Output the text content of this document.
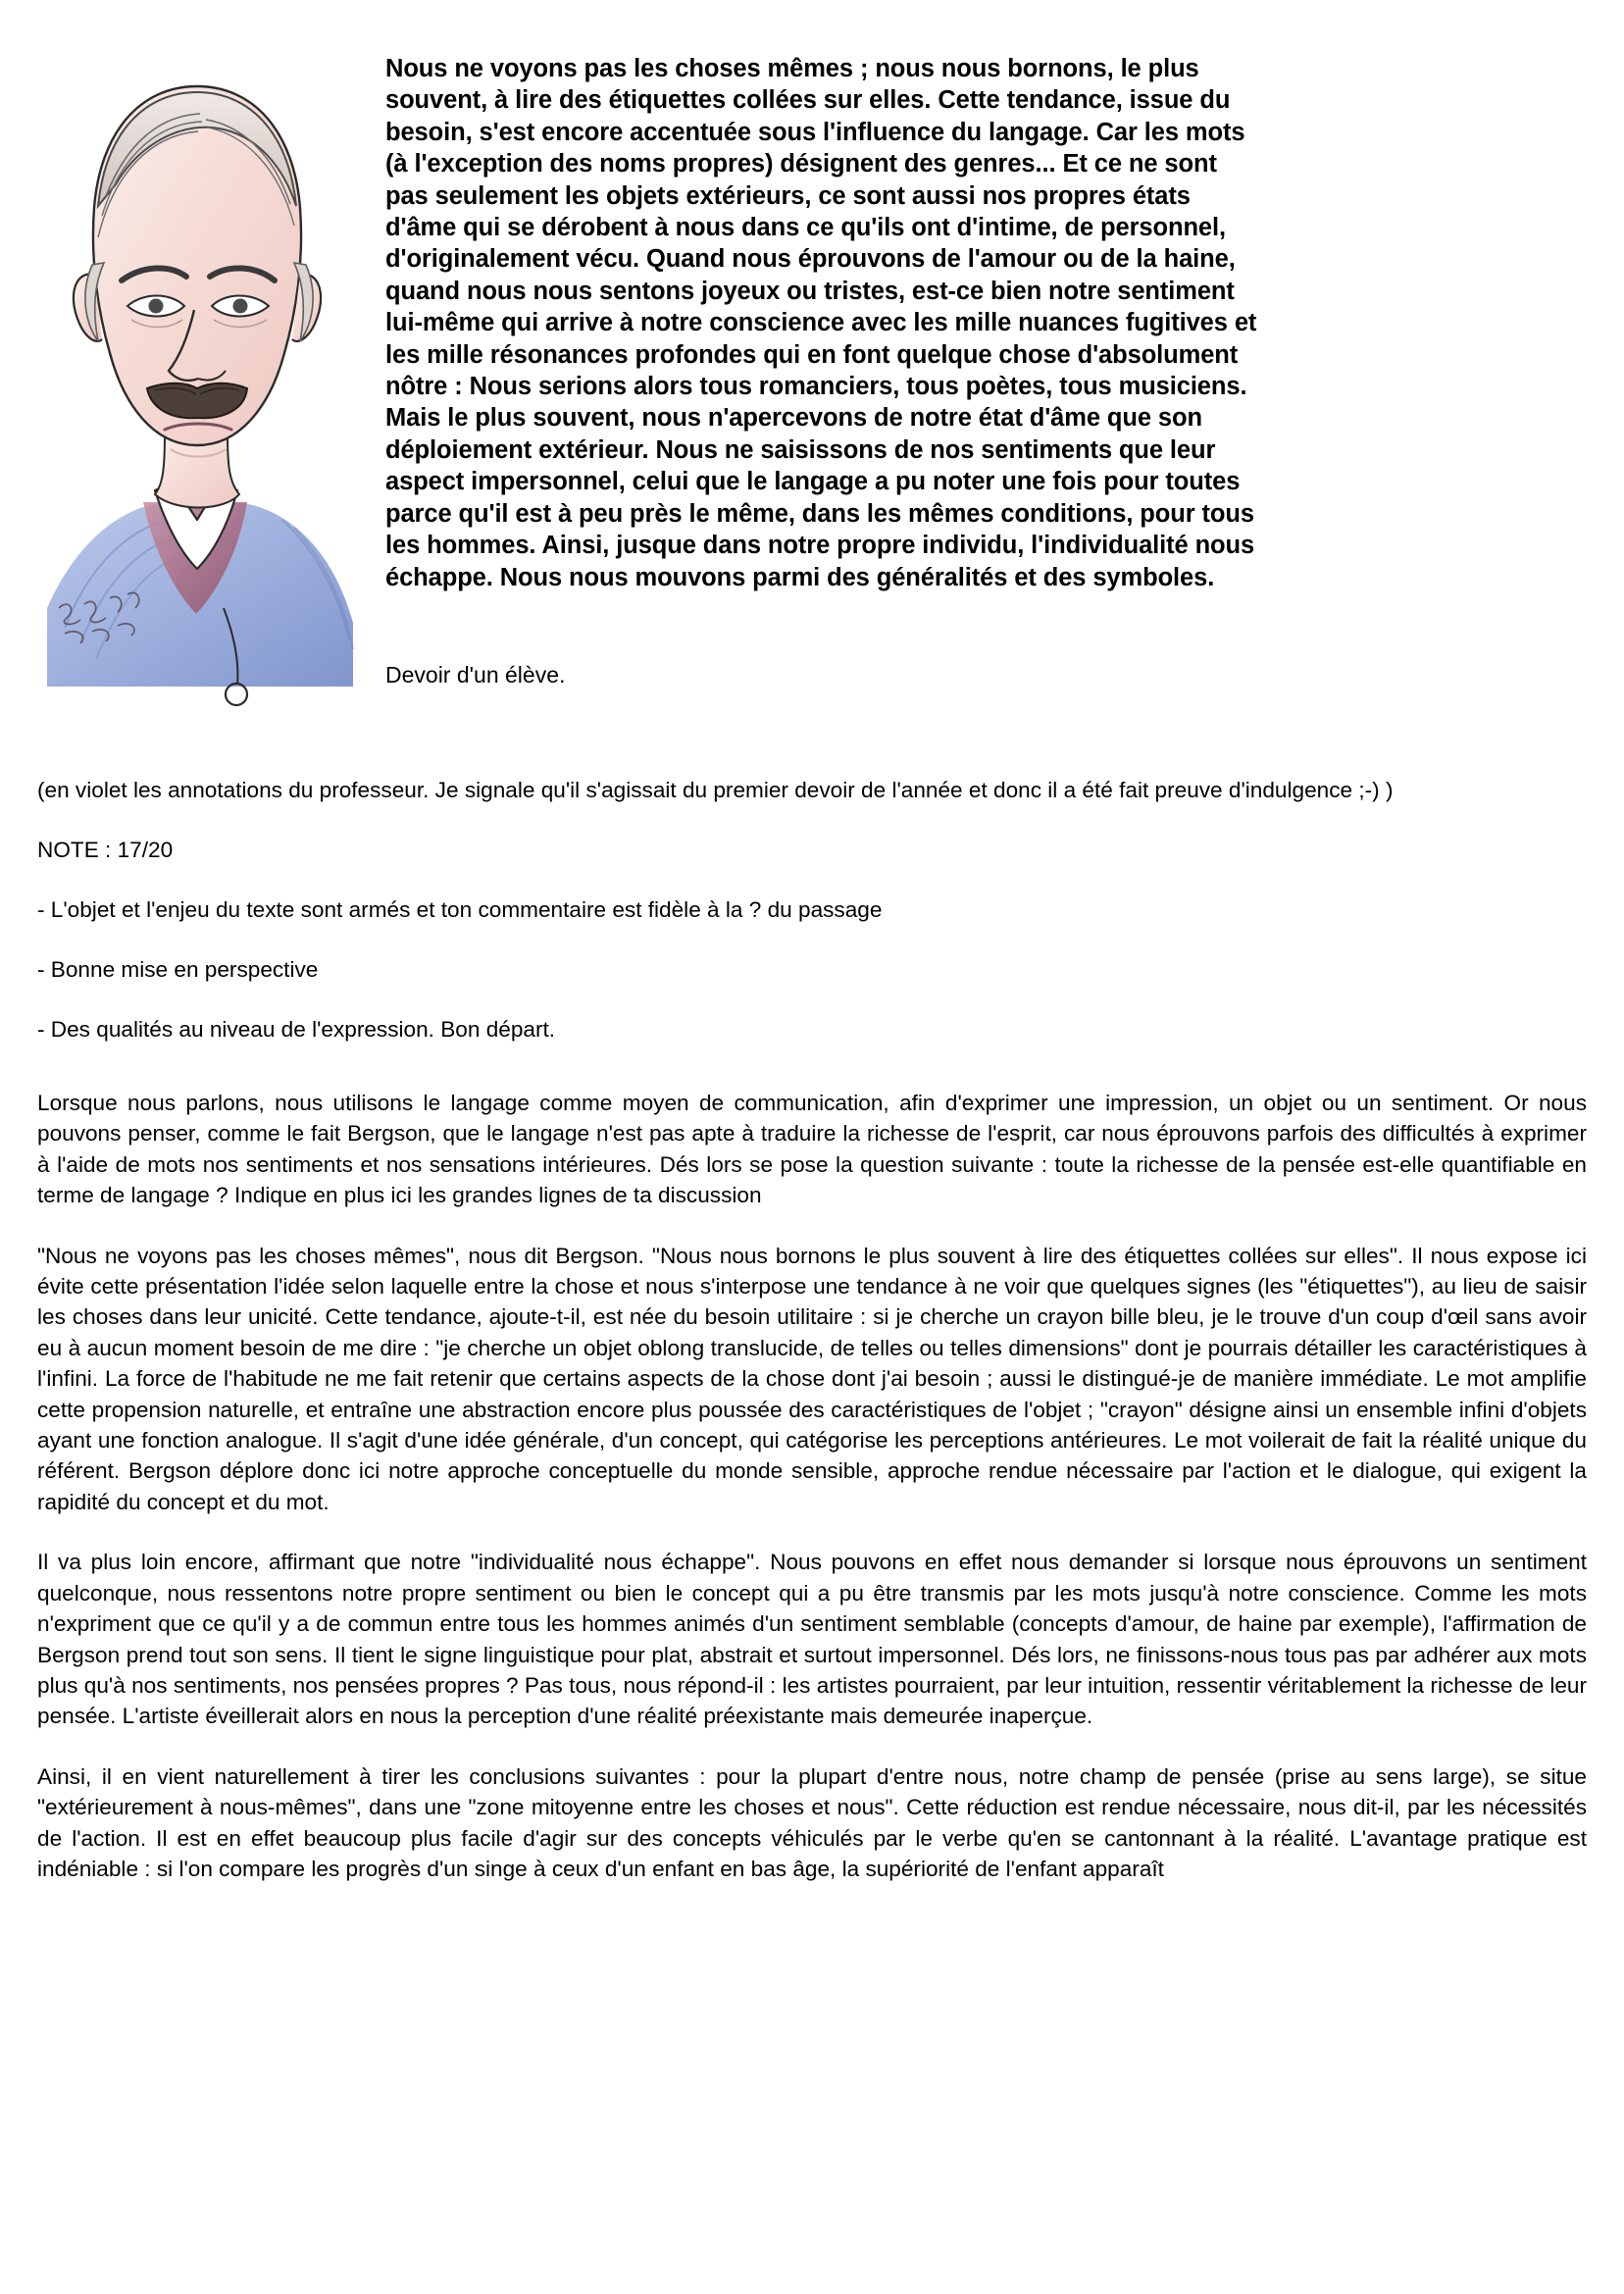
Nous ne voyons pas les choses mêmes ; nous nous bornons, le plus
souvent, à lire des étiquettes collées sur elles. Cette tendance, issue du
besoin, s'est encore accentuée sous l'influence du langage. Car les mots
(à l'exception des noms propres) désignent des genres... Et ce ne sont
pas seulement les objets extérieurs, ce sont aussi nos propres états
d'âme qui se dérobent à nous dans ce qu'ils ont d'intime, de personnel,
d'originalement vécu. Quand nous éprouvons de l'amour ou de la haine,
quand nous nous sentons joyeux ou tristes, est-ce bien notre sentiment
lui-même qui arrive à notre conscience avec les mille nuances fugitives et
les mille résonances profondes qui en font quelque chose d'absolument
nôtre : Nous serions alors tous romanciers, tous poètes, tous musiciens.
Mais le plus souvent, nous n'apercevons de notre état d'âme que son
déploiement extérieur. Nous ne saisissons de nos sentiments que leur
aspect impersonnel, celui que le langage a pu noter une fois pour toutes
parce qu'il est à peu près le même, dans les mêmes conditions, pour tous
les hommes. Ainsi, jusque dans notre propre individu, l'individualité nous
échappe. Nous nous mouvons parmi des généralités et des symboles.
Devoir d'un élève.

(en violet les annotations du professeur. Je signale qu'il s'agissait du premier devoir de l'année et donc il a été fait preuve d'indulgence ;-) )

NOTE : 17/20

- L'objet et l'enjeu du texte sont armés et ton commentaire est fidèle à la ? du passage

- Bonne mise en perspective

- Des qualités au niveau de l'expression. Bon départ.

Lorsque nous parlons, nous utilisons le langage comme moyen de communication, afin d'exprimer une impression, un objet ou un sentiment. Or nous pouvons penser, comme le fait Bergson, que le langage n'est pas apte à traduire la richesse de l'esprit, car nous éprouvons parfois des difficultés à exprimer à l'aide de mots nos sentiments et nos sensations intérieures. Dés lors se pose la question suivante : toute la richesse de la pensée est-elle quantifiable en terme de langage ? Indique en plus ici les grandes lignes de ta discussion

"Nous ne voyons pas les choses mêmes", nous dit Bergson. "Nous nous bornons le plus souvent à lire des étiquettes collées sur elles". Il nous expose ici évite cette présentation l'idée selon laquelle entre la chose et nous s'interpose une tendance à ne voir que quelques signes (les "étiquettes"), au lieu de saisir les choses dans leur unicité. Cette tendance, ajoute-t-il, est née du besoin utilitaire : si je cherche un crayon bille bleu, je le trouve d'un coup d'œil sans avoir eu à aucun moment besoin de me dire : "je cherche un objet oblong translucide, de telles ou telles dimensions" dont je pourrais détailler les caractéristiques à l'infini. La force de l'habitude ne me fait retenir que certains aspects de la chose dont j'ai besoin ; aussi le distingué-je de manière immédiate. Le mot amplifie cette propension naturelle, et entraîne une abstraction encore plus poussée des caractéristiques de l'objet ; "crayon" désigne ainsi un ensemble infini d'objets ayant une fonction analogue. Il s'agit d'une idée générale, d'un concept, qui catégorise les perceptions antérieures. Le mot voilerait de fait la réalité unique du référent. Bergson déplore donc ici notre approche conceptuelle du monde sensible, approche rendue nécessaire par l'action et le dialogue, qui exigent la rapidité du concept et du mot.

Il va plus loin encore, affirmant que notre "individualité nous échappe". Nous pouvons en effet nous demander si lorsque nous éprouvons un sentiment quelconque, nous ressentons notre propre sentiment ou bien le concept qui a pu être transmis par les mots jusqu'à notre conscience. Comme les mots n'expriment que ce qu'il y a de commun entre tous les hommes animés d'un sentiment semblable (concepts d'amour, de haine par exemple), l'affirmation de Bergson prend tout son sens. Il tient le signe linguistique pour plat, abstrait et surtout impersonnel. Dés lors, ne finissons-nous tous pas par adhérer aux mots plus qu'à nos sentiments, nos pensées propres ? Pas tous, nous répond-il : les artistes pourraient, par leur intuition, ressentir véritablement la richesse de leur pensée. L'artiste éveillerait alors en nous la perception d'une réalité préexistante mais demeurée inaperçue.

Ainsi, il en vient naturellement à tirer les conclusions suivantes : pour la plupart d'entre nous, notre champ de pensée (prise au sens large), se situe "extérieurement à nous-mêmes", dans une "zone mitoyenne entre les choses et nous". Cette réduction est rendue nécessaire, nous dit-il, par les nécessités de l'action. Il est en effet beaucoup plus facile d'agir sur des concepts véhiculés par le verbe qu'en se cantonnant à la réalité. L'avantage pratique est indéniable : si l'on compare les progrès d'un singe à ceux d'un enfant en bas âge, la supériorité de l'enfant apparaît
